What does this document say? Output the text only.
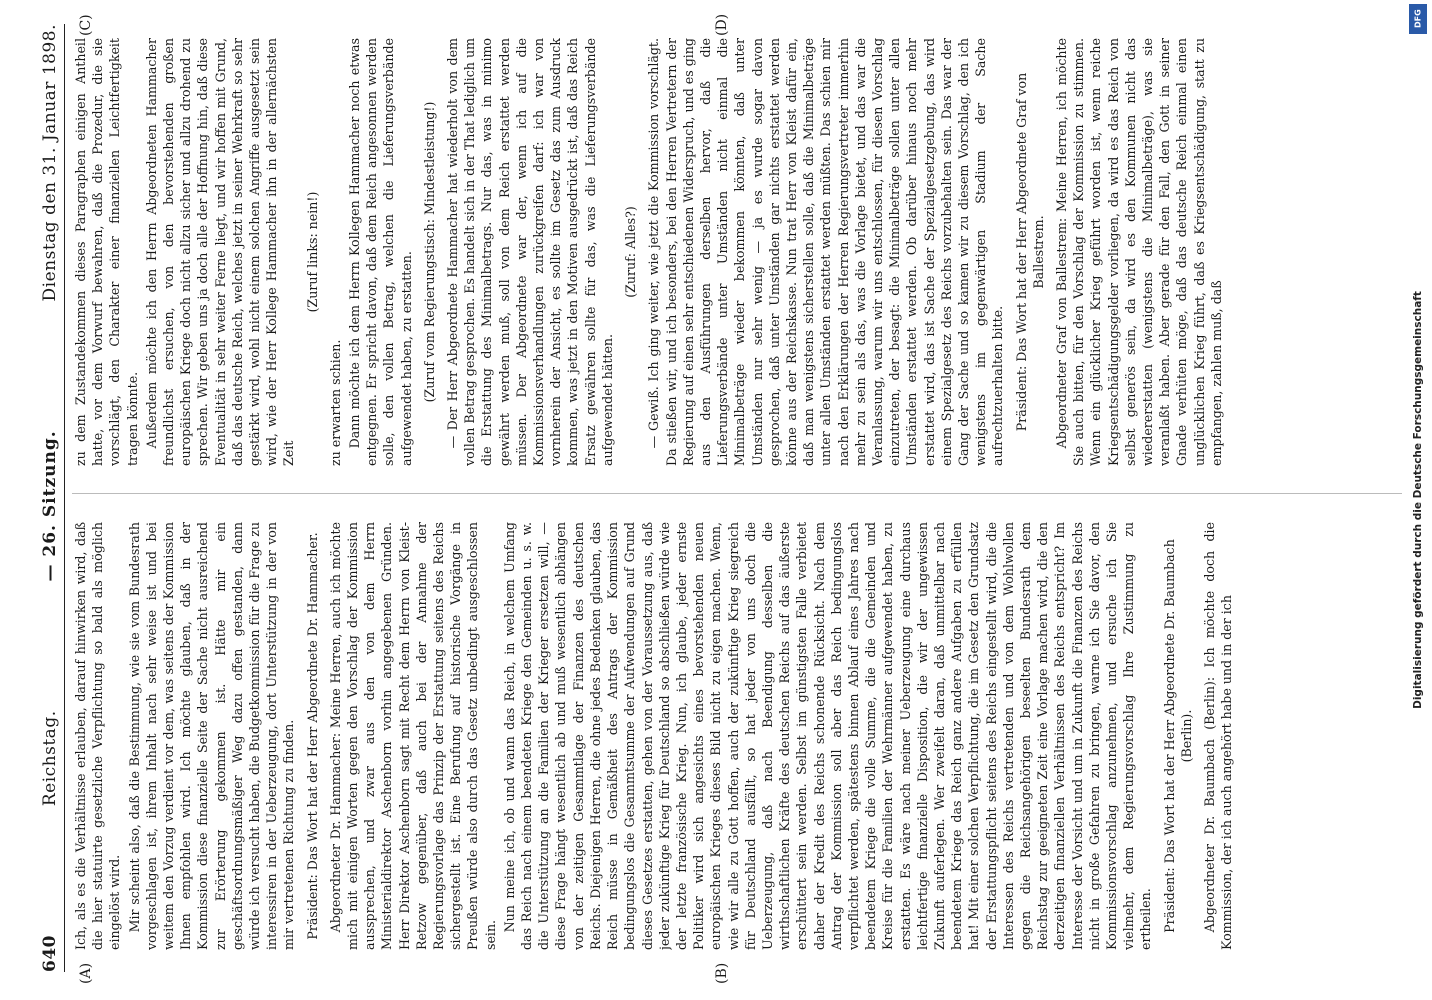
640
Reichstag.
— 26. Sitzung.
Dienstag den 31. Januar 1898.
(A)	(B)
(C)	(D)

Ich, als es die Verhältnisse erlauben, darauf hinwirken wird, daß die hier statuirte gesetzliche Verpflichtung so bald als möglich eingelöst wird. Mir scheint also, daß die Bestimmung, wie sie vom Bundesrath vorgeschlagen ist, ihrem Inhalt nach sehr weise ist und bei weitem den Vorzug verdient vor dem, was seitens der Kommission Ihnen empfohlen wird. Ich möchte glauben, daß in der Kommission diese finanzielle Seite der Sache nicht ausreichend zur Erörterung gekommen ist. Hätte mir ein geschäftsordnungsmäßiger Weg dazu offen gestanden, dann würde ich versucht haben, die Budgetkommission für die Frage zu interessiren in der Ueberzeugung, dort Unterstützung in der von mir vertretenen Richtung zu finden. Präsident: Das Wort hat der Herr Abgeordnete Dr. Hammacher. Abgeordneter Dr. Hammacher: Meine Herren, auch ich möchte mich mit einigen Worten gegen den Vorschlag der Kommission aussprechen, und zwar aus den von dem Herrn Ministerialdirektor Aschenborn vorhin angegebenen Gründen. Herr Direktor Aschenborn sagt mit Recht dem Herrn von Kleist-Retzow gegenüber, daß auch bei der Annahme der Regierungsvorlage das Prinzip der Erstattung seitens des Reichs sichergestellt ist. Eine Berufung auf historische Vorgänge in Preußen würde also durch das Gesetz unbedingt ausgeschlossen sein.

Nun meine ich, ob und wann das Reich, in welchem Umfang das Reich nach einem beendeten Kriege den Gemeinden u. s. w. die Unterstützung an die Familien der Krieger ersetzen will, — diese Frage hängt wesentlich ab und muß wesentlich abhängen von der zeitigen Gesammtlage der Finanzen des deutschen Reichs. Diejenigen Herren, die ohne jedes Bedenken glauben, das Reich müsse in Gemäßheit des Antrags der Kommission bedingungslos die Gesammtsumme der Aufwendungen auf Grund dieses Gesetzes erstatten, gehen von der Voraussetzung aus, daß jeder zukünftige Krieg für Deutschland so abschließen würde wie der letzte französische Krieg. Nun, ich glaube, jeder ernste Politiker wird sich angesichts eines bevorstehenden neuen europäischen Krieges dieses Bild nicht zu eigen machen. Wenn, wie wir alle zu Gott hoffen, auch der zukünftige Krieg siegreich für Deutschland ausfällt, so hat jeder von uns doch die Ueberzeugung, daß nach Beendigung desselben die wirthschaftlichen Kräfte des deutschen Reichs auf das äußerste erschüttert sein werden. Selbst im günstigsten Falle verbietet daher der Kredit des Reichs schonende Rücksicht. Nach dem Antrag der Kommission soll aber das Reich bedingungslos verpflichtet werden, spätestens binnen Ablauf eines Jahres nach beendetem Kriege die volle Summe, die die Gemeinden und Kreise für die Familien der Wehrmänner aufgewendet haben, zu erstatten. Es wäre nach meiner Ueberzeugung eine durchaus leichtfertige finanzielle Disposition, die wir der ungewissen Zukunft auferlegen. Wer zweifelt daran, daß unmittelbar nach beendetem Kriege das Reich ganz andere Aufgaben zu erfüllen hat! Mit einer solchen Verpflichtung, die im Gesetz den Grundsatz der Erstattungspflicht seitens des Reichs eingestellt wird, die die Interessen des Reichs vertretenden und von dem Wohlwollen gegen die Reichsangehörigen beseelten Bundesrath dem Reichstag zur geeigneten Zeit eine Vorlage machen wird, die den derzeitigen finanziellen Verhältnissen des Reichs entspricht? Im Interesse der Vorsicht und um in Zukunft die Finanzen des Reichs nicht in große Gefahren zu bringen, warne ich Sie davor, den Kommissionsvorschlag anzunehmen, und ersuche ich Sie vielmehr, dem Regierungsvorschlag Ihre Zustimmung zu ertheilen. Präsident: Das Wort hat der Herr Abgeordnete Dr. Baumbach (Berlin). Abgeordneter Dr. Baumbach (Berlin): Ich möchte doch die Kommission, der ich auch angehört habe und in der ich

zu dem Zustandekommen dieses Paragraphen einigen Antheil hatte, vor dem Vorwurf bewahren, daß die Prozedur, die sie vorschlägt, den Charakter einer finanziellen Leichtfertigkeit tragen könnte. Außerdem möchte ich den Herrn Abgeordneten Hammacher freundlichst ersuchen, von den bevorstehenden großen europäischen Kriege doch nicht allzu sicher und allzu drohend zu sprechen. Wir geben uns ja doch alle der Hoffnung hin, daß diese Eventualität in sehr weiter Ferne liegt, und wir hoffen mit Grund, daß das deutsche Reich, welches jetzt in seiner Wehrkraft so sehr gestärkt wird, wohl nicht einem solchen Angriffe ausgesetzt sein wird, wie der Herr Kollege Hammacher ihn in der allernächsten Zeit

(Zuruf links: nein!)

zu erwarten schien. Dann möchte ich dem Herrn Kollegen Hammacher noch etwas entgegnen. Er spricht davon, daß dem Reich angesonnen werden solle, den vollen Betrag, welchen die Lieferungsverbände aufgewendet haben, zu erstatten. (Zuruf vom Regierungstisch: Mindestleistung!) — Der Herr Abgeordnete Hammacher hat wiederholt von dem vollen Betrag gesprochen. Es handelt sich in der That lediglich um die Erstattung des Minimalbetrags. Nur das, was in minimo gewährt werden muß, soll von dem Reich erstattet werden müssen. Der Abgeordnete war der, wenn ich auf die Kommissionsverhandlungen zurückgreifen darf: ich war von vornherein der Ansicht, es sollte im Gesetz das zum Ausdruck kommen, was jetzt in den Motiven ausgedrückt ist, daß das Reich Ersatz gewähren sollte für das, was die Lieferungsverbände aufgewendet hätten.

(Zuruf: Alles?) — Gewiß. Ich ging weiter, wie jetzt die Kommission vorschlägt. Da stießen wir, und ich besonders, bei den Herren Vertretern der Regierung auf einen sehr entschiedenen Widerspruch, und es ging aus den Ausführungen derselben hervor, daß die Lieferungsverbände unter Umständen nicht einmal die Minimalbeträge wieder bekommen könnten, daß unter Umständen nur sehr wenig — ja es wurde sogar davon gesprochen, daß unter Umständen gar nichts erstattet werden könne aus der Reichskasse. Nun trat Herr von Kleist dafür ein, daß man wenigstens sicherstellen solle, daß die Minimalbeträge unter allen Umständen erstattet werden müßten. Das schien mir nach den Erklärungen der Herren Regierungsvertreter immerhin mehr zu sein als das, was die Vorlage bietet, und das war die Veranlassung, warum wir uns entschlossen, für diesen Vorschlag einzutreten, der besagt: die Minimalbeträge sollen unter allen Umständen erstattet werden. Ob darüber hinaus noch mehr erstattet wird, das ist Sache der Spezialgesetzgebung, das wird einem Spezialgesetz des Reichs vorzubehalten sein. Das war der Gang der Sache und so kamen wir zu diesem Vorschlag, den ich wenigstens im gegenwärtigen Stadium der Sache aufrechtzuerhalten bitte. Präsident: Das Wort hat der Herr Abgeordnete Graf von Ballestrem. Abgeordneter Graf von Ballestrem: Meine Herren, ich möchte Sie auch bitten, für den Vorschlag der Kommission zu stimmen. Wenn ein glücklicher Krieg geführt worden ist, wenn reiche Kriegsentschädigungsgelder vorliegen, da wird es das Reich von selbst generös sein, da wird es den Kommunen nicht das wiedererstatten (wenigstens die Minimalbeträge), was sie veranlaßt haben. Aber gerade für den Fall, den Gott in seiner Gnade verhüten möge, daß das deutsche Reich einmal einen unglücklichen Krieg führt, daß es Kriegsentschädigung, statt zu empfangen, zahlen muß, daß	Digitalisierung gefördert durch die Deutsche Forschungsgemeinschaft
DFG
